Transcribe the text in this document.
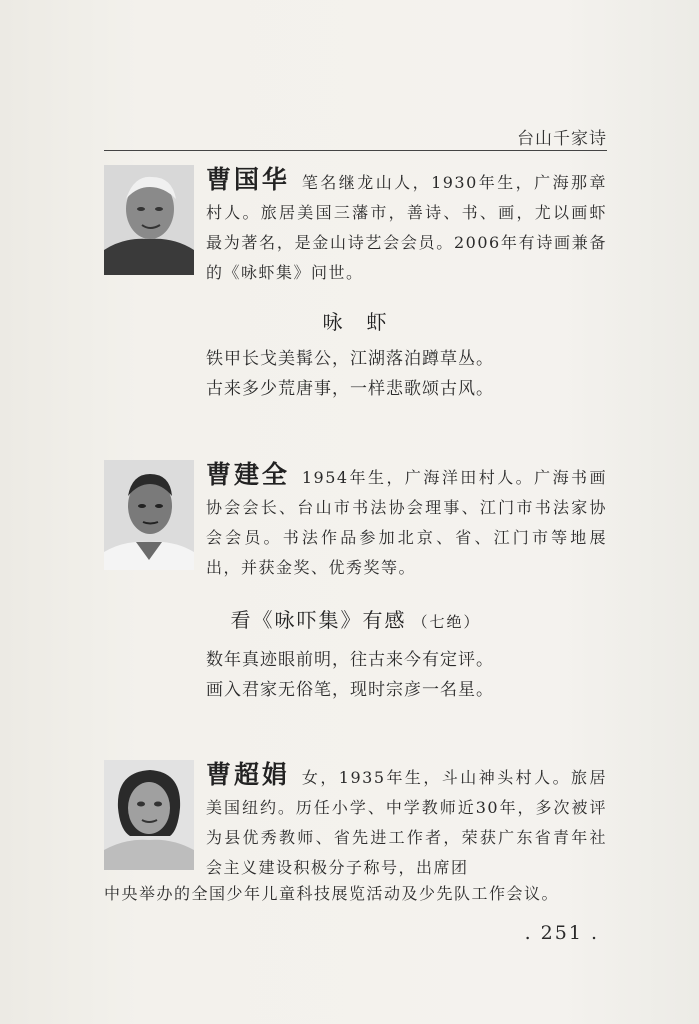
台山千家诗
曹国华 笔名继龙山人，1930年生，广海那章村人。旅居美国三藩市，善诗、书、画，尤以画虾最为著名，是金山诗艺会会员。2006年有诗画兼备的《咏虾集》问世。
咏　虾
铁甲长戈美髯公，江湖落泊蹲草丛。
古来多少荒唐事，一样悲歌颂古风。
曹建全 1954年生，广海洋田村人。广海书画协会会长、台山市书法协会理事、江门市书法家协会会员。书法作品参加北京、省、江门市等地展出，并获金奖、优秀奖等。
看《咏吓集》有感 （七绝）
数年真迹眼前明，往古来今有定评。
画入君家无俗笔，现时宗彦一名星。
曹超娟 女，1935年生，斗山神头村人。旅居美国纽约。历任小学、中学教师近30年，多次被评为县优秀教师、省先进工作者，荣获广东省青年社会主义建设积极分子称号，出席团
中央举办的全国少年儿童科技展览活动及少先队工作会议。
. 251 .
